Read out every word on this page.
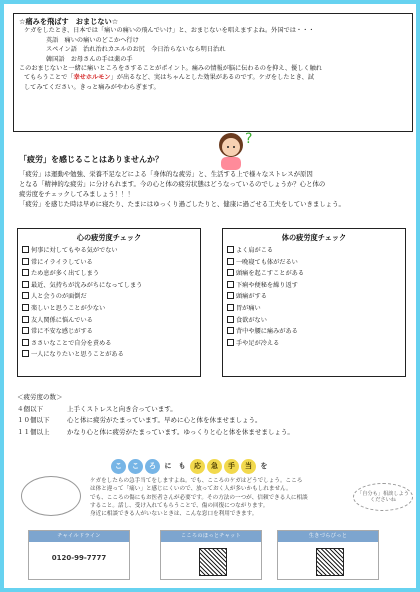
☆痛みを飛ばす　おまじない☆
ケガをしたとき、日本では「痛いの痛いの飛んでいけ」と、おまじないを唱えますよね。外国では・・・
英語　痛いの痛いのどこかへ行け
スペイン語　治れ治れカエルのお尻　今日治らないなら明日治れ
韓国語　お母さんの手は薬の手
このおまじないと一緒に痛いところをさすることがポイント。痛みの情報が脳に伝わるのを抑え、優しく触れ
てもらうことで「幸せホルモン」が出るなど、実はちゃんとした効果があるのです。ケガをしたとき、試
してみてください。きっと痛みがやわらぎます。
?
「疲労」を感じることはありませんか？
「疲労」は運動や勉強、栄養不足などによる「身体的な疲労」と、生活する上で様々なストレスが原因
となる「精神的な疲労」に分けられます。今の心と体の疲労状態はどうなっているのでしょうか？心と体の
疲労度をチェックしてみましょう！！！
「疲労」を感じた時は早めに寝たり、たまにはゆっくり過ごしたりと、健康に過ごせる工夫をしていきましょう。
心の疲労度チェック
何事に対してもやる気がでない
常にイライラしている
ため息が多く出てしまう
最近、気持ちが沈みがちになってしまう
人と会うのが面倒だ
楽しいと思うことが少ない
友人関係に悩んでいる
常に不安な感じがする
ささいなことで自分を責める
一人になりたいと思うことがある
体の疲労度チェック
よく肩がこる
一晩寝ても体がだるい
頭痛を起こすことがある
下痢や便秘を繰り返す
頭痛がする
胃が痛い
食欲がない
背中や腰に痛みがある
手や足が冷える
＜疲労度の数＞
４個以下	上手くストレスと向き合っています。
１０個以下	心と体に疲労がたまっています。早めに心と体を休ませましょう。
１１個以上	かなり心と体に疲労がたまっています。ゆっくりと心と体を休ませましょう。
こ	こ	ろ	に	も	応	急	手	当	を
ケガをしたらの急手当てをしますよね。でも、こころのケガはどうでしょう。こころ
は体と違って「痛い」と感じにくいので、放っておく人が多いかもしれません。
でも、こころの傷にもお医者さんが必要です。その方法の一つが、信頼できる人に相談
すること。話し、受け入れてもらうことで、傷の回復につながります。
身近に相談できる人がいないときは、こんな窓口を利用できます。
「自分も」相談しよう くださいね
チャイルドライン
0120-99-7777
こころのほっとチャット	生きづらびっと
